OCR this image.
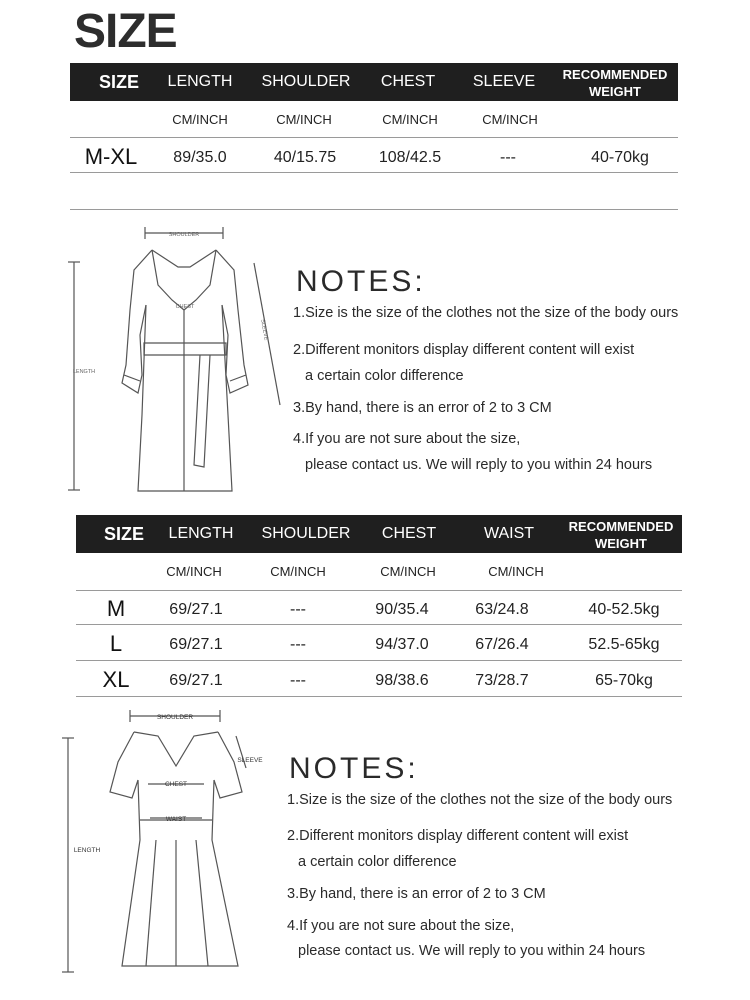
SIZE
SIZE LENGTH SHOULDER CHEST SLEEVE RECOMMENDED
WEIGHT
CM/INCH	CM/INCH	CM/INCH	CM/INCH
M-XL 89/35.0	40/15.75	108/42.5	---	40-70kg
SHOULDER
CHEST
SLEEVE
LENGTH
NOTES:
1.Size is the size of the clothes not the size of the body ours
2.Different monitors display different content will exist
a certain color difference
3.By hand, there is an error of 2 to 3 CM
4.If you are not sure about the size,
please contact us. We will reply to you within 24 hours
SIZE LENGTH SHOULDER CHEST	WAIST	RECOMMENDED
WEIGHT
CM/INCH	CM/INCH	CM/INCH	CM/INCH
M	69/27.1	---	90/35.4	63/24.8	40-52.5kg
L	69/27.1	---	94/37.0	67/26.4	52.5-65kg
XL 69/27.1	---	98/38.6	73/28.7	65-70kg
SHOULDER
SLEEVE
CHEST
WAIST
LENGTH
NOTES:
1.Size is the size of the clothes not the size of the body ours
2.Different monitors display different content will exist
a certain color difference
3.By hand, there is an error of 2 to 3 CM
4.If you are not sure about the size,
please contact us. We will reply to you within 24 hours
